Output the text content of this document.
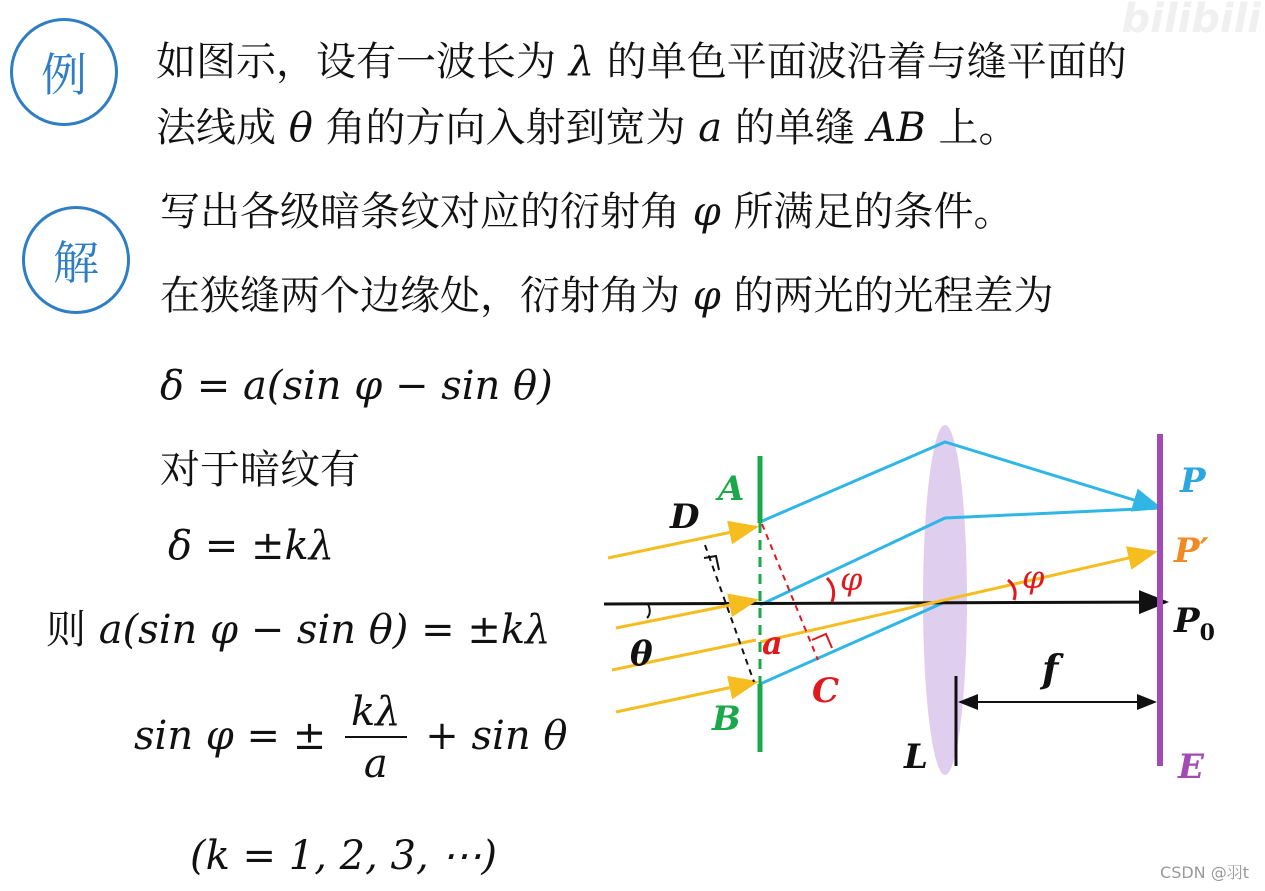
bilibili
例 如图示，设有一波长为 λ 的单色平面波沿着与缝平面的
法线成 θ 角的方向入射到宽为 a 的单缝 AB 上。
解
写出各级暗条纹对应的衍射角 φ 所满足的条件。
在狭缝两个边缘处，衍射角为 φ 的两光的光程差为
δ = a(sin φ − sin θ)
对于暗纹有
δ = ±kλ
则 a(sin φ − sin θ) = ±kλ
sin φ = ± $\frac{k\lambda}{a} + \sin \theta$
(k = 1, 2, 3, ⋯)
A
B
D
C
a
θ
φ	φ
P
P′
$P_0$
f
L	E
CSDN @羽t
